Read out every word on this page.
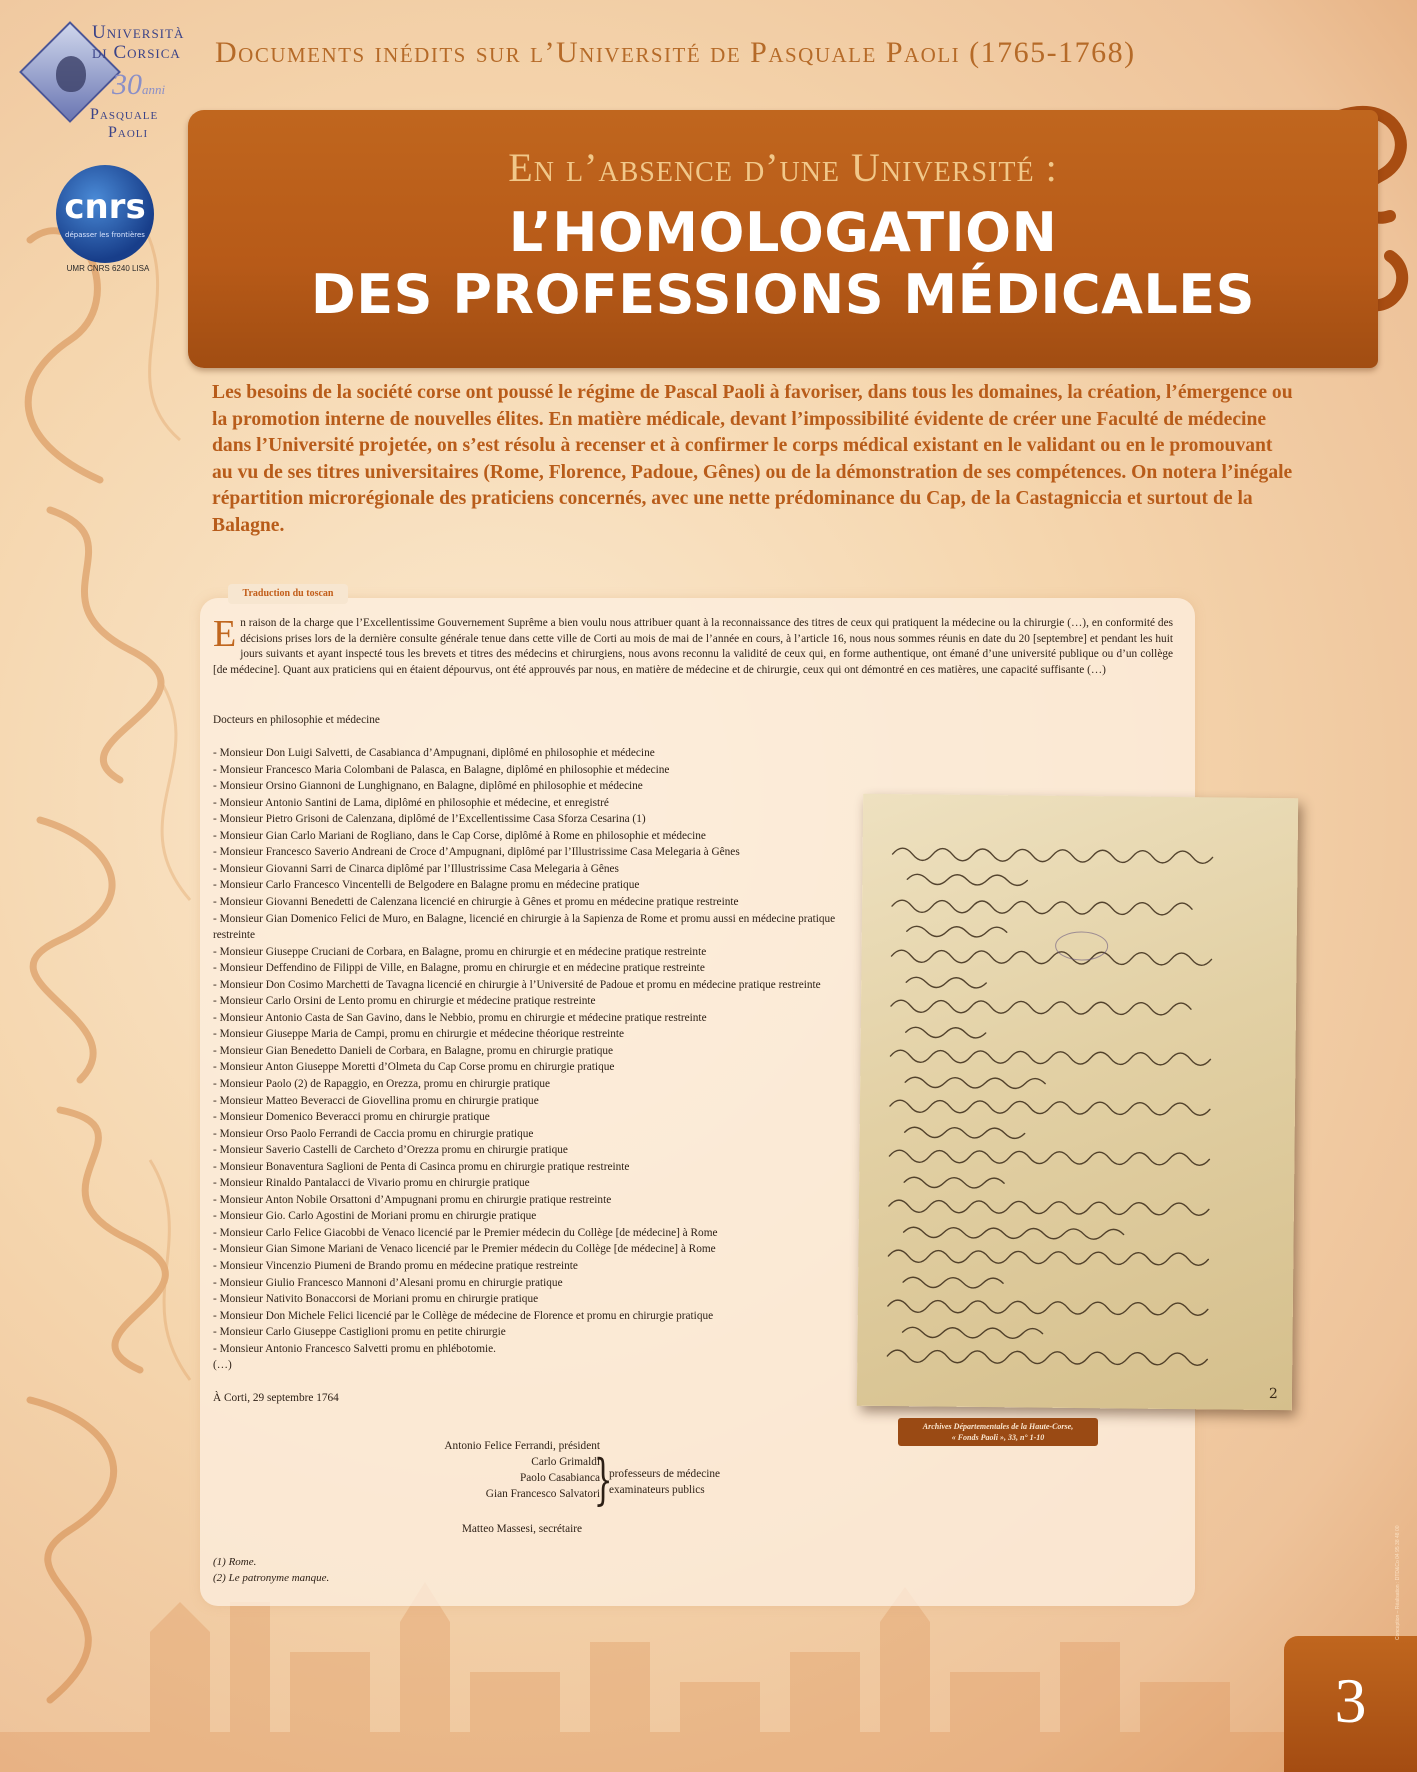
Università
di Corsica
30anni
Pasquale
Paoli
cnrs
dépasser les frontières
UMR CNRS 6240 LISA
Documents inédits sur l’Université de Pasquale Paoli (1765-1768)
En l’absence d’une Université :
L’HOMOLOGATION
DES PROFESSIONS MÉDICALES

Les besoins de la société corse ont poussé le régime de Pascal Paoli à favoriser, dans tous les domaines, la création, l’émergence ou la promotion interne de nouvelles élites. En matière médicale, devant l’impossibilité évidente de créer une Faculté de médecine dans l’Université projetée, on s’est résolu à recenser et à confirmer le corps médical existant en le validant ou en le promouvant au vu de ses titres universitaires (Rome, Florence, Padoue, Gênes) ou de la démonstration de ses compétences. On notera l’inégale répartition microrégionale des praticiens concernés, avec une nette prédominance du Cap, de la Castagniccia et surtout de la Balagne.

Traduction du toscan
En raison de la charge que l’Excellentissime Gouvernement Suprême a bien voulu nous attribuer quant à la reconnaissance des titres de ceux qui pratiquent la médecine ou la chirurgie (…), en conformité des décisions prises lors de la dernière consulte générale tenue dans cette ville de Corti au mois de mai de l’année en cours, à l’article 16, nous nous sommes réunis en date du 20 [septembre] et pendant les huit jours suivants et ayant inspecté tous les brevets et titres des médecins et chirurgiens, nous avons reconnu la validité de ceux qui, en forme authentique, ont émané d’une université publique ou d’un collège [de médecine]. Quant aux praticiens qui en étaient dépourvus, ont été approuvés par nous, en matière de médecine et de chirurgie, ceux qui ont démontré en ces matières, une capacité suffisante (…)
Docteurs en philosophie et médecine
- Monsieur Don Luigi Salvetti, de Casabianca d’Ampugnani, diplômé en philosophie et médecine
- Monsieur Francesco Maria Colombani de Palasca, en Balagne, diplômé en philosophie et médecine
- Monsieur Orsino Giannoni de Lunghignano, en Balagne, diplômé en philosophie et médecine
- Monsieur Antonio Santini de Lama, diplômé en philosophie et médecine, et enregistré
- Monsieur Pietro Grisoni de Calenzana, diplômé de l’Excellentissime Casa Sforza Cesarina (1)
- Monsieur Gian Carlo Mariani de Rogliano, dans le Cap Corse, diplômé à Rome en philosophie et médecine
- Monsieur Francesco Saverio Andreani de Croce d’Ampugnani, diplômé par l’Illustrissime Casa Melegaria à Gênes
- Monsieur Giovanni Sarri de Cinarca diplômé par l’Illustrissime Casa Melegaria à Gênes
- Monsieur Carlo Francesco Vincentelli de Belgodere en Balagne promu en médecine pratique
- Monsieur Giovanni Benedetti de Calenzana licencié en chirurgie à Gênes et promu en médecine pratique restreinte
- Monsieur Gian Domenico Felici de Muro, en Balagne, licencié en chirurgie à la Sapienza de Rome et promu aussi en médecine pratique restreinte
- Monsieur Giuseppe Cruciani de Corbara, en Balagne, promu en chirurgie et en médecine pratique restreinte
- Monsieur Deffendino de Filippi de Ville, en Balagne, promu en chirurgie et en médecine pratique restreinte
- Monsieur Don Cosimo Marchetti de Tavagna licencié en chirurgie à l’Université de Padoue et promu en médecine pratique restreinte
- Monsieur Carlo Orsini de Lento promu en chirurgie et médecine pratique restreinte
- Monsieur Antonio Casta de San Gavino, dans le Nebbio, promu en chirurgie et médecine pratique restreinte
- Monsieur Giuseppe Maria de Campi, promu en chirurgie et médecine théorique restreinte
- Monsieur Gian Benedetto Danieli de Corbara, en Balagne, promu en chirurgie pratique
- Monsieur Anton Giuseppe Moretti d’Olmeta du Cap Corse promu en chirurgie pratique
- Monsieur Paolo (2) de Rapaggio, en Orezza, promu en chirurgie pratique
- Monsieur Matteo Beveracci de Giovellina promu en chirurgie pratique
- Monsieur Domenico Beveracci promu en chirurgie pratique
- Monsieur Orso Paolo Ferrandi de Caccia promu en chirurgie pratique
- Monsieur Saverio Castelli de Carcheto d’Orezza promu en chirurgie pratique
- Monsieur Bonaventura Saglioni de Penta di Casinca promu en chirurgie pratique restreinte
- Monsieur Rinaldo Pantalacci de Vivario promu en chirurgie pratique
- Monsieur Anton Nobile Orsattoni d’Ampugnani promu en chirurgie pratique restreinte
- Monsieur Gio. Carlo Agostini de Moriani promu en chirurgie pratique
- Monsieur Carlo Felice Giacobbi de Venaco licencié par le Premier médecin du Collège [de médecine] à Rome
- Monsieur Gian Simone Mariani de Venaco licencié par le Premier médecin du Collège [de médecine] à Rome
- Monsieur Vincenzio Piumeni de Brando promu en médecine pratique restreinte
- Monsieur Giulio Francesco Mannoni d’Alesani promu en chirurgie pratique
- Monsieur Nativito Bonaccorsi de Moriani promu en chirurgie pratique
- Monsieur Don Michele Felici licencié par le Collège de médecine de Florence et promu en chirurgie pratique
- Monsieur Carlo Giuseppe Castiglioni promu en petite chirurgie
- Monsieur Antonio Francesco Salvetti promu en phlébotomie.
(…)
À Corti, 29 septembre 1764
Antonio Felice Ferrandi, président
Carlo Grimaldi
Paolo Casabianca
Gian Francesco Salvatori
}
professeurs de médecine
examinateurs publics
Matteo Massesi, secrétaire
(1) Rome.
(2) Le patronyme manque.
2
Archives Départementales de la Haute-Corse,
« Fonds Paoli », 33, n° 1-10
3
Conception – Réalisation : DTD&Co 04 95 38 48 00
